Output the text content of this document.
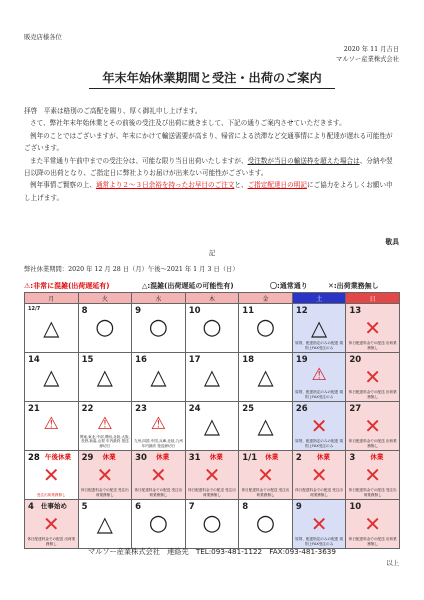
販売店様各位
2020 年 11 月吉日
マルソー産業株式会社
年末年始休業期間と受注・出荷のご案内

拝啓　平素は格別のご高配を賜り、厚く御礼申し上げます。

さて、弊社年末年始休業とその前後の受注及び出荷に就きまして、下記の通りご案内させていただきます。

例年のことではございますが、年末にかけて輸送需要が高まり、帰省による渋滞など交通事情により配達が遅れる可能性がございます。

また平常通り午前中までの受注分は、可能な限り当日出荷いたしますが、受注数が当日の輸送枠を超えた場合は、分納や翌日以降の出荷となり、ご指定日に弊社よりお届けが出来ない可能性がございます。

例年事情ご賢察の上、通常より２～３日余裕を持ったお早目のご注文と、ご指定配達日の明記にご協力をよろしくお願い申し上げます。

敬具
記
弊社休業期間：2020 年 12 月 28 日（月）午後～2021 年 1 月 3 日（日）
⚠:非常に混雑(出荷遅延有)	△:混雑(出荷遅延の可能性有)	〇:通常通り	✕:出荷業務無し
月	火	水	木	金	土	日

12/7
△	8
○	9
○	10
○	11
○	12
△
原則、配達指定のみの配達 規則上FAX受注のみ	13
✕
休日配達料金での配送 出荷業務無し

14
△	15
△	16
△	17
△	18
△	19
⚠
原則、配達指定のみの配達 規則上FAX受注のみ	20
✕
休日配達料金での配送 出荷業務無し

21
⚠	22
⚠
関東,東北,中部,関西,北陸,大阪,長野,新潟,山梨 年内最終 発送締切日	23
⚠
九州,四国,中国,兵庫,北陸,九州 年内最終 発送締切日	24
△	25
△	26
✕
原則、配達指定のみの配達 規則上FAX受注のみ	27
✕
休日配達料金での配送 出荷業務無し

28 午後休業
✕
受注出荷業務無し	29 休業
✕
休日配達料金での配送 受注出荷業務無し	30 休業
✕
休日配達料金での配送 受注出荷業務無し	31 休業
✕
休日配達料金での配送 受注出荷業務無し	1/1 休業
✕
休日配達料金での配送 受注出荷業務無し	2 休業
✕
休日配達料金での配送 受注出荷業務無し	3 休業
✕
休日配達料金での配送 受注出荷業務無し

4 仕事始め
✕
休日配達料金での配送 出荷業務無し	5
△	6
○	7
○	8
○	9
✕
原則、配達指定のみの配達 規則上FAX受注のみ	10
✕
休日配達料金での配送 出荷業務無し
マルソー産業株式会社　連絡先　TEL:093-481-1122　FAX:093-481-3639
以上
